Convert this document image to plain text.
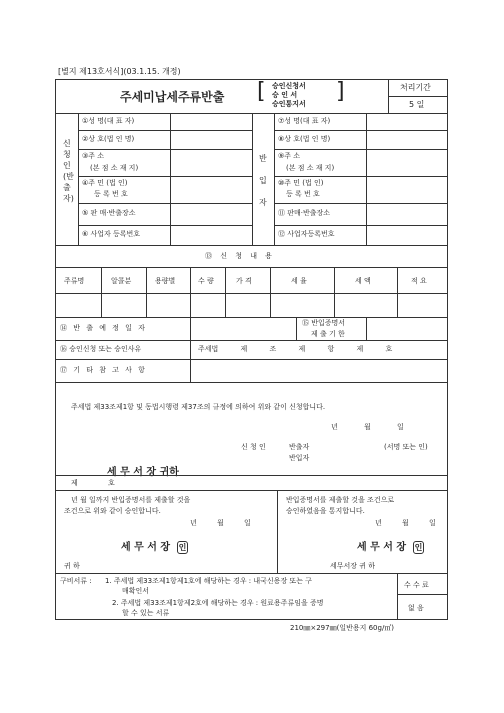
[별지 제13호서식](03.1.15. 개정)
주세미납세주류반출 [ 승인신청서
승 인 서
승인통지서 ]	처리기간
5 일
신청인(반출자)
반입자
①성 명(대 표 자)
②상 호(법 인 명)
③주 소
(본 점 소 재 지)
④주 민 (법 인)
등 록 번 호
⑤ 판 매·반출장소
⑥ 사업자 등록번호
⑦성 명(대 표 자)
⑧상 호(법 인 명)
⑨주 소
(본 점 소 재 지)
⑩주 민 (법 인)
등 록 번 호
⑪ 판매·반출장소
⑫ 사업자등록번호
⑬ 신 청 내 용
주류명	알콜분	용량별	수 량	가 격	세 율	세 액	적 요
⑭ 반 출 예 정 일 자
⑮ 반입증명서
제 출 기 한
⑯ 승인신청 또는 승인사유	주세법 제 조 제 항 제 호
⑰ 기 타 참 고 사 항
주세법 제33조제1항 및 동법시행령 제37조의 규정에 의하여 위와 같이 신청합니다.
년 월 일
신 청 인	반출자
반입자
(서명 또는 인)
세 무 서 장 귀하
제 호
년 월 일까지 반입증명서를 제출할 것을
조건으로 위와 같이 승인합니다.
년 월 일
세 무 서 장 인
귀 하
반입증명서를 제출할 것을 조건으로
승인하였음을 통지합니다.
년 월 일
세 무 서 장 인
세무서장 귀 하
구비서류 : 1. 주세법 제33조제1항제1호에 해당하는 경우 : 내국신용장 또는 구
매확인서
2. 주세법 제33조제1항제2호에 해당하는 경우 : 원료용주류임을 증명
할 수 있는 서류
수 수 료
없 음
210㎜×297㎜(일반용지 60g/㎡)
